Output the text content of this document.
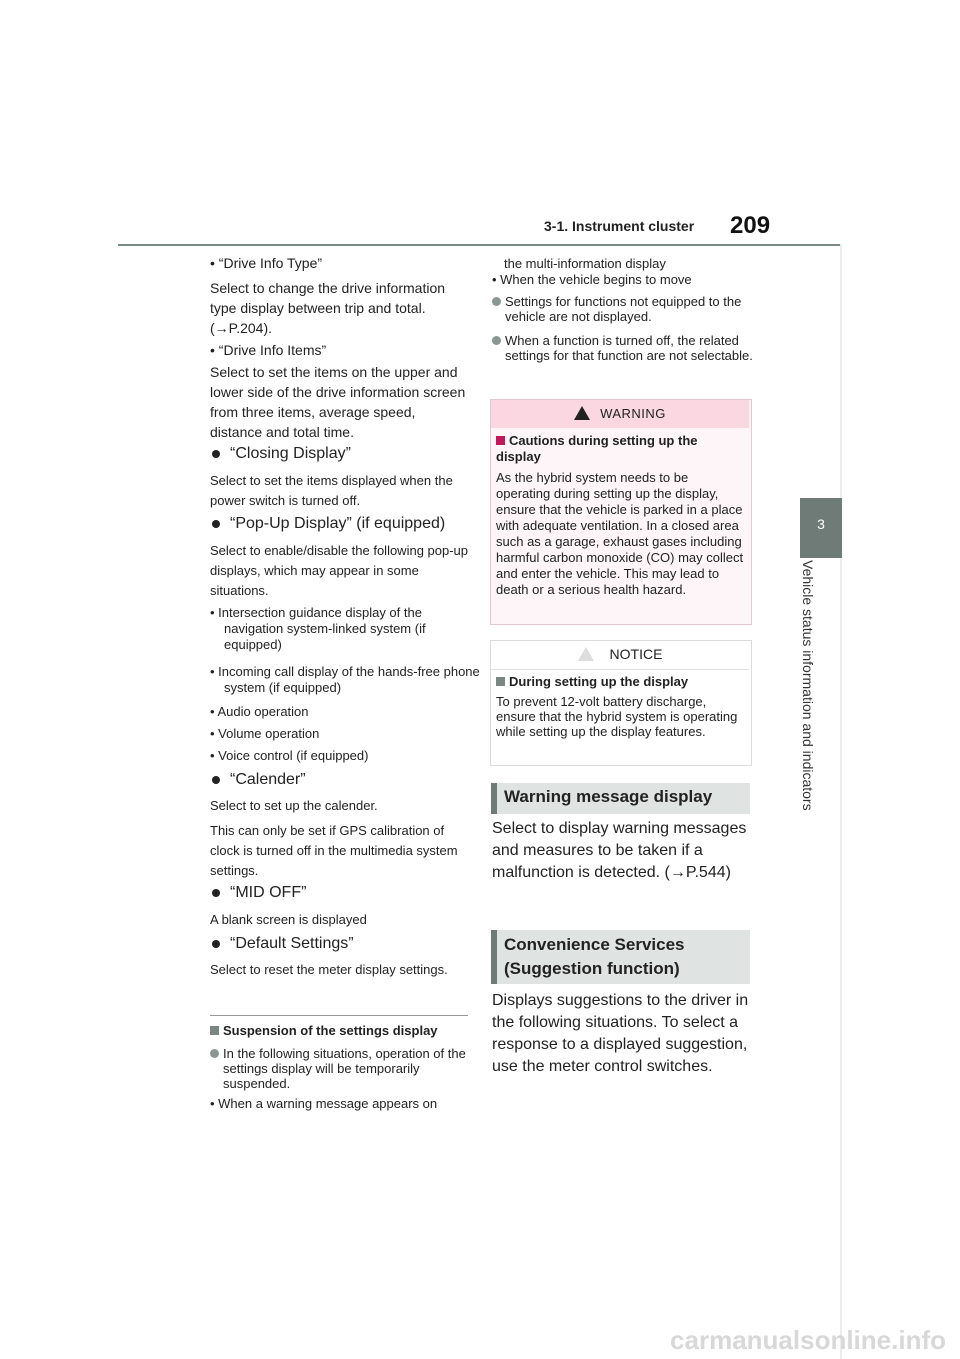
3-1. Instrument cluster 209
3
Vehicle status information and indicators
• “Drive Info Type”
Select to change the drive information type display between trip and total. (→P.204).
• “Drive Info Items”
Select to set the items on the upper and lower side of the drive information screen from three items, average speed, distance and total time.
“Closing Display”
Select to set the items displayed when the power switch is turned off.
“Pop-Up Display” (if equipped)
Select to enable/disable the following pop-up displays, which may appear in some situations.
• Intersection guidance display of the navigation system-linked system (if equipped)
• Incoming call display of the hands-free phone system (if equipped)
• Audio operation
• Volume operation
• Voice control (if equipped)
“Calender”
Select to set up the calender.
This can only be set if GPS calibration of clock is turned off in the multimedia system settings.
“MID OFF”
A blank screen is displayed
“Default Settings”
Select to reset the meter display settings.
Suspension of the settings display
In the following situations, operation of the settings display will be temporarily suspended.
• When a warning message appears on
the multi-information display
• When the vehicle begins to move
Settings for functions not equipped to the vehicle are not displayed.
When a function is turned off, the related settings for that function are not selectable.
WARNING
Cautions during setting up the display
As the hybrid system needs to be operating during setting up the display, ensure that the vehicle is parked in a place with adequate ventilation. In a closed area such as a garage, exhaust gases including harmful carbon monoxide (CO) may collect and enter the vehicle. This may lead to death or a serious health hazard.
NOTICE
During setting up the display
To prevent 12-volt battery discharge, ensure that the hybrid system is operating while setting up the display features.
Warning message display
Select to display warning messages and measures to be taken if a malfunction is detected. (→P.544)
Convenience Services (Suggestion function)
Displays suggestions to the driver in the following situations. To select a response to a displayed suggestion, use the meter control switches.
carmanualsonline.info
